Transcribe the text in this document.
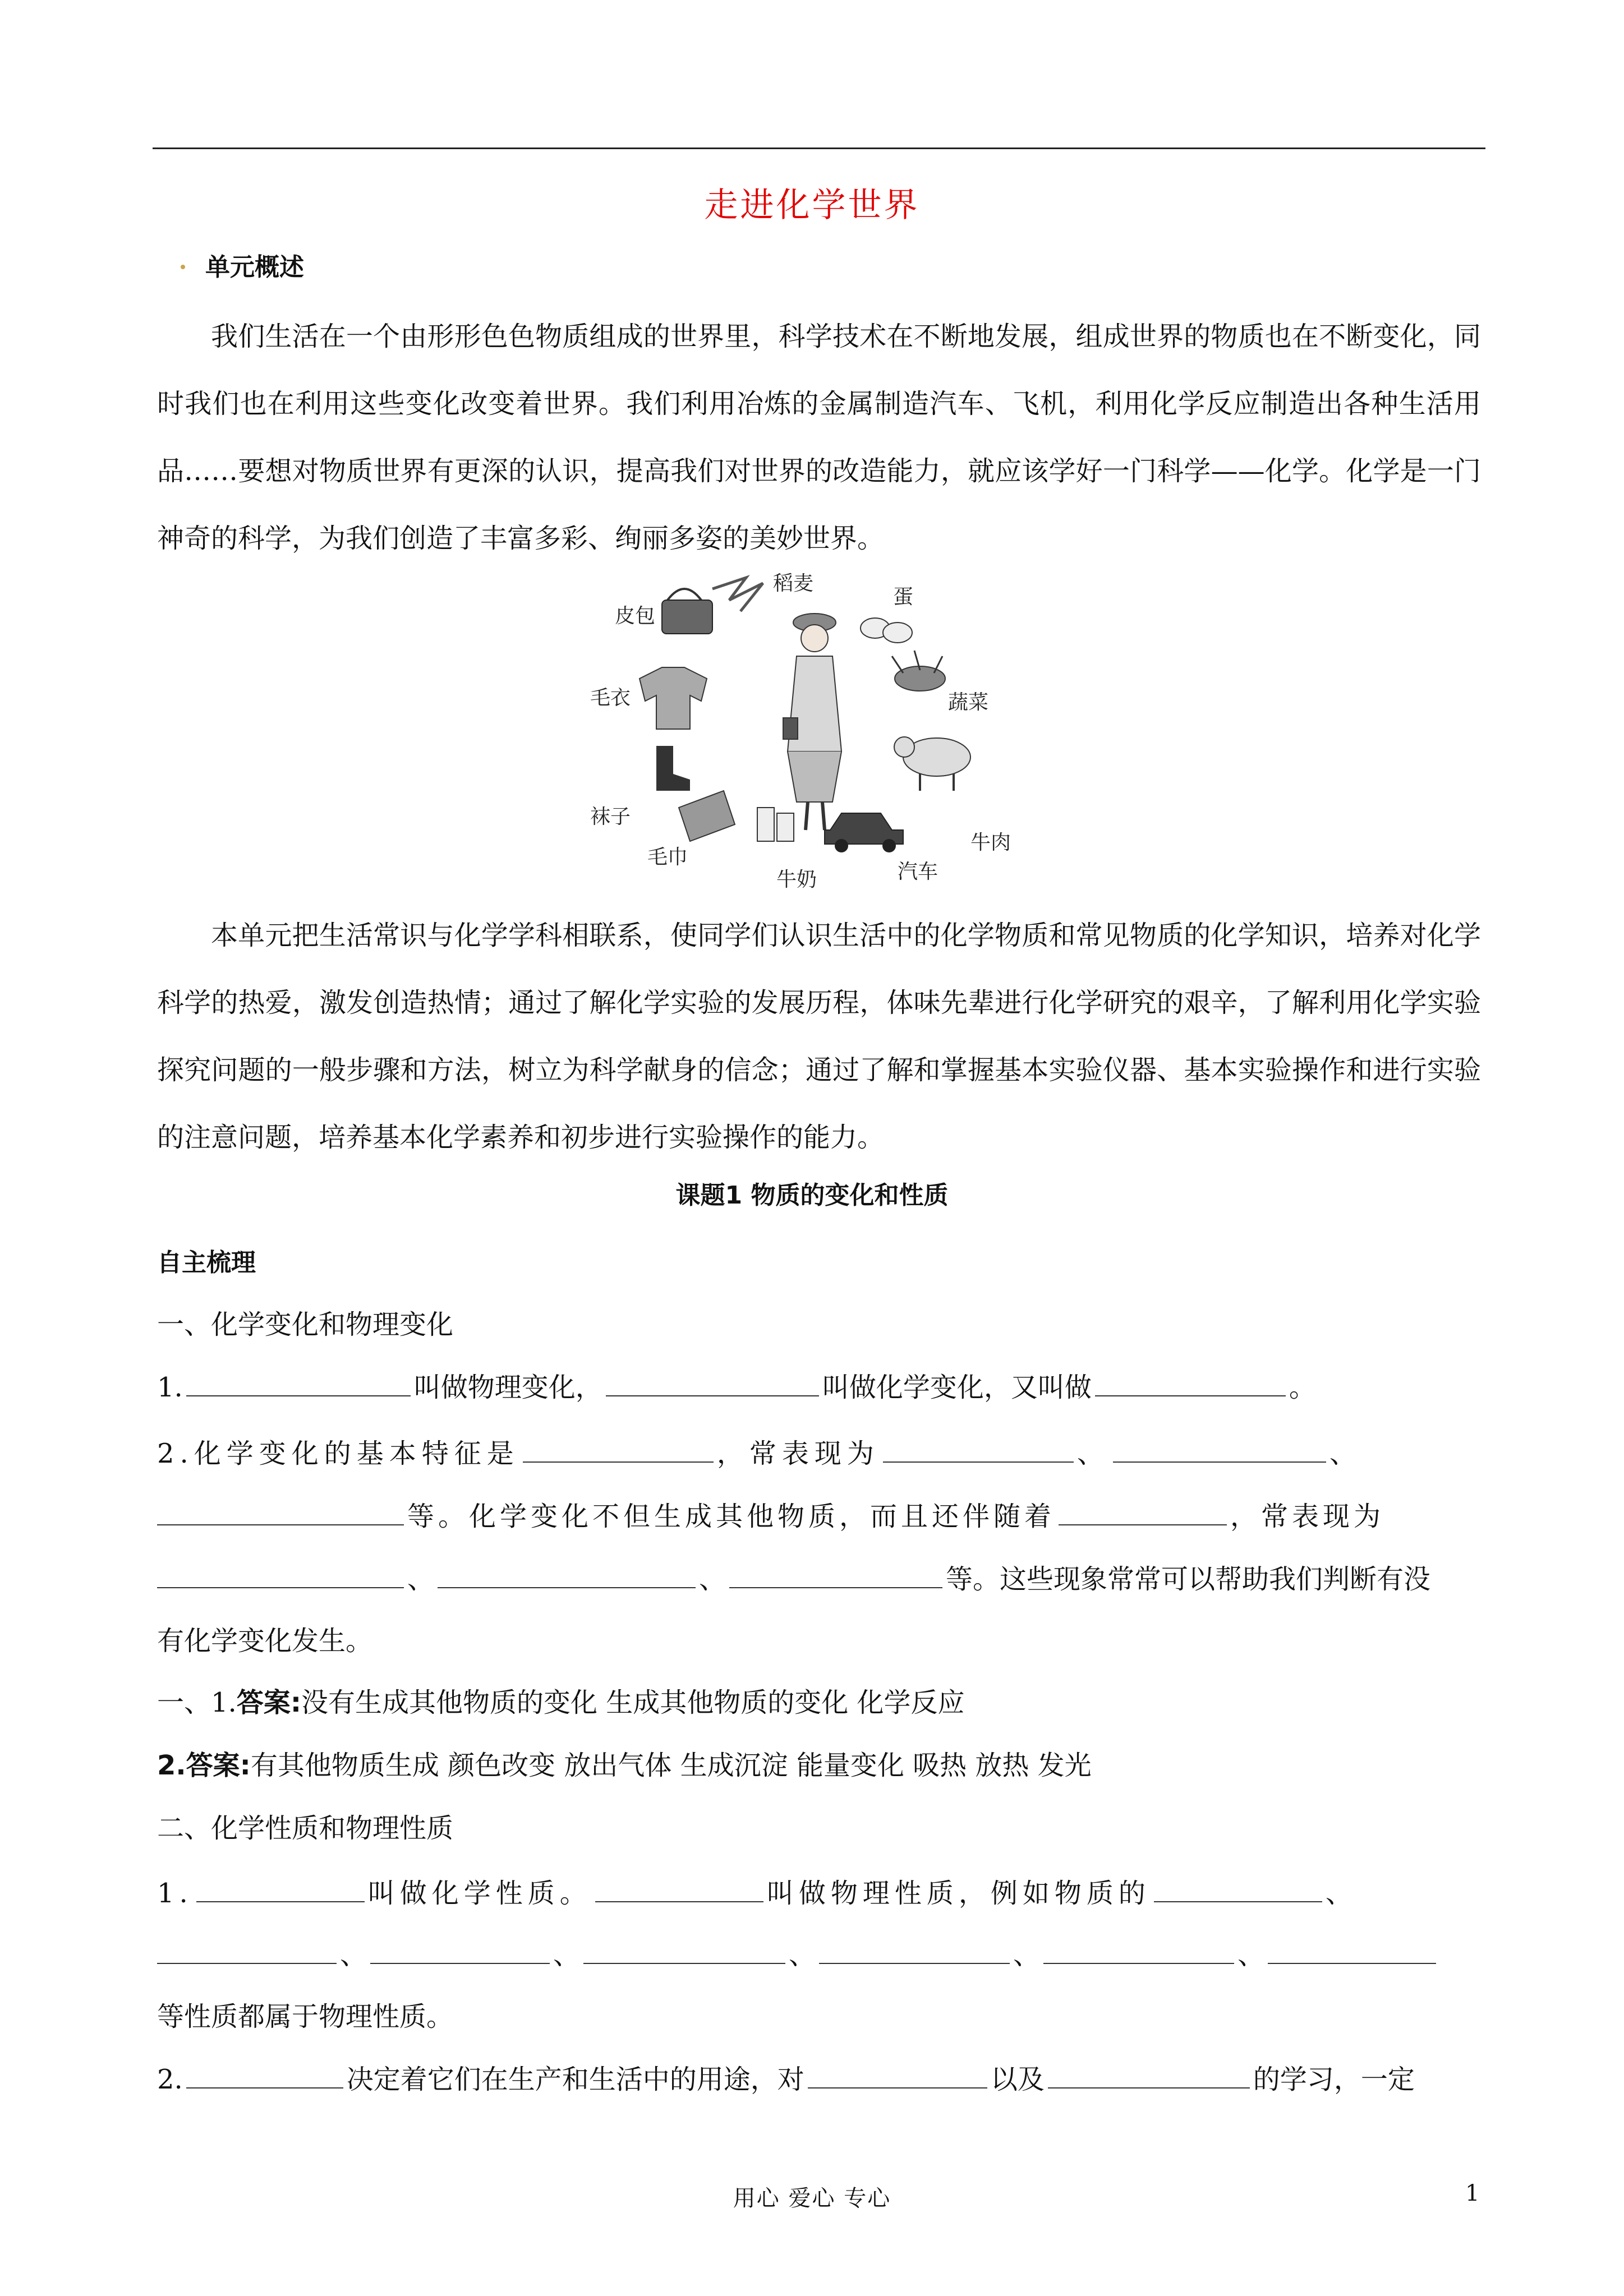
走进化学世界
单元概述
我们生活在一个由形形色色物质组成的世界里，科学技术在不断地发展，组成世界的物质也在不断变化，同时我们也在利用这些变化改变着世界。我们利用冶炼的金属制造汽车、飞机，利用化学反应制造出各种生活用品……要想对物质世界有更深的认识，提高我们对世界的改造能力，就应该学好一门科学——化学。化学是一门神奇的科学，为我们创造了丰富多彩、绚丽多姿的美妙世界。
稻麦
蛋
皮包
毛衣	蔬菜
袜子
毛巾
牛肉
牛奶	汽车
本单元把生活常识与化学学科相联系，使同学们认识生活中的化学物质和常见物质的化学知识，培养对化学科学的热爱，激发创造热情；通过了解化学实验的发展历程，体味先辈进行化学研究的艰辛，了解利用化学实验探究问题的一般步骤和方法，树立为科学献身的信念；通过了解和掌握基本实验仪器、基本实验操作和进行实验的注意问题，培养基本化学素养和初步进行实验操作的能力。
课题1 物质的变化和性质
自主梳理
一、化学变化和物理变化
1.	叫做物理变化，	叫做化学变化，又叫做	。
2.化学变化的基本特征是	，常表现为	、	、
等。化学变化不但生成其他物质，而且还伴随着	，常表现为
、	、	等。这些现象常常可以帮助我们判断有没
有化学变化发生。
一、1.答案:没有生成其他物质的变化 生成其他物质的变化 化学反应
2.答案:有其他物质生成 颜色改变 放出气体 生成沉淀 能量变化 吸热 放热 发光
二、化学性质和物理性质
1.	叫做化学性质。	叫做物理性质，例如物质的	、
、	、	、	、	、
等性质都属于物理性质。
2.	决定着它们在生产和生活中的用途，对	以及	的学习，一定
用心 爱心 专心	1
